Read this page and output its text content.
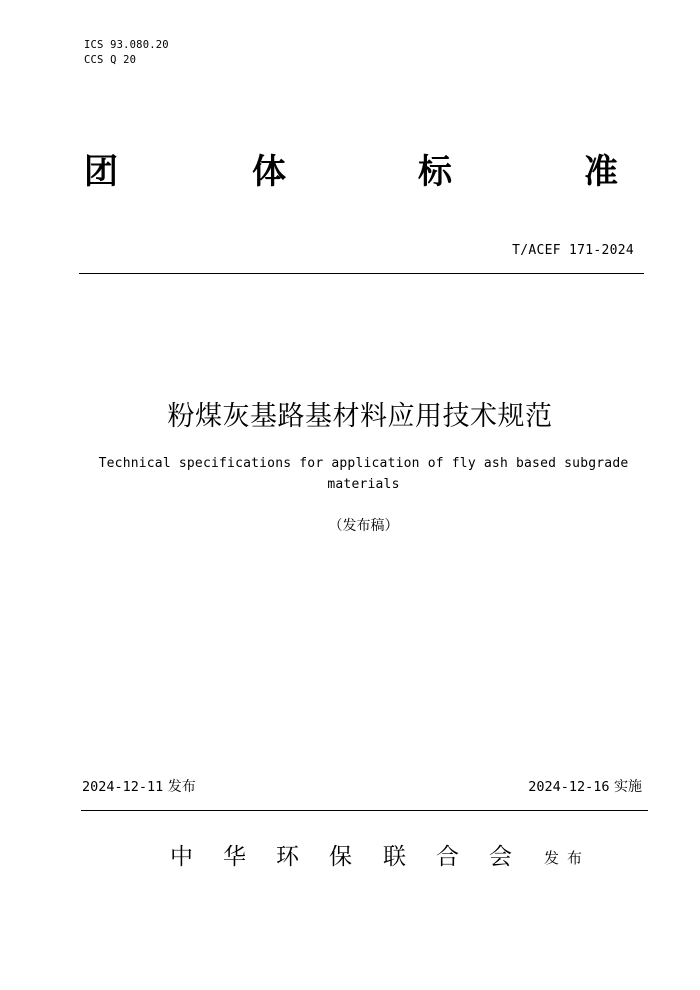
ICS 93.080.20
CCS Q 20
团	体	标	准
T/ACEF 171-2024
粉煤灰基路基材料应用技术规范
Technical specifications for application of fly ash based subgrade materials
（发布稿）
2024-12-11 发布	2024-12-16 实施
中 华 环 保 联 合 会 发布
